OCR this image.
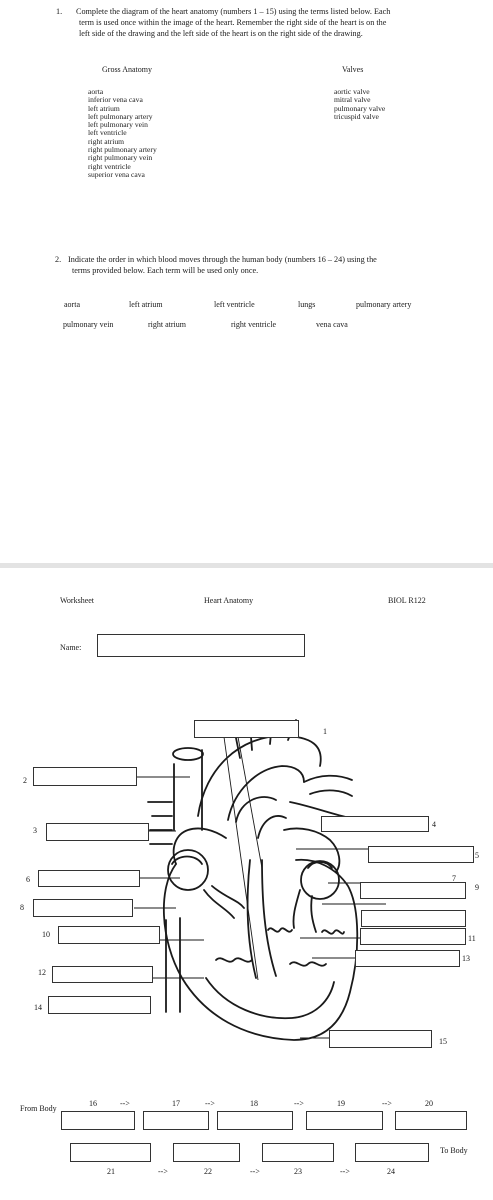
1. Complete the diagram of the heart anatomy (numbers 1 – 15) using the terms listed below. Each
term is used once within the image of the heart. Remember the right side of the heart is on the
left side of the drawing and the left side of the heart is on the right side of the drawing.
Gross Anatomy	Valves
aorta
inferior vena cava
left atrium
left pulmonary artery
left pulmonary vein
left ventricle
right atrium
right pulmonary artery
right pulmonary vein
right ventricle
superior vena cava
aortic valve
mitral valve
pulmonary valve
tricuspid valve
2. Indicate the order in which blood moves through the human body (numbers 16 – 24) using the
terms provided below. Each term will be used only once.
aorta	left atrium	left ventricle	lungs	pulmonary artery
pulmonary vein	right atrium	right ventricle	vena cava
Worksheet	Heart Anatomy	BIOL R122
Name:
1
2
3
4
5
6	7
8
9
10	11
12
13
14
15
From Body
16	-->	17	-->	18	-->	19	-->	20
To Body
21	-->	22	-->	23	-->	24
